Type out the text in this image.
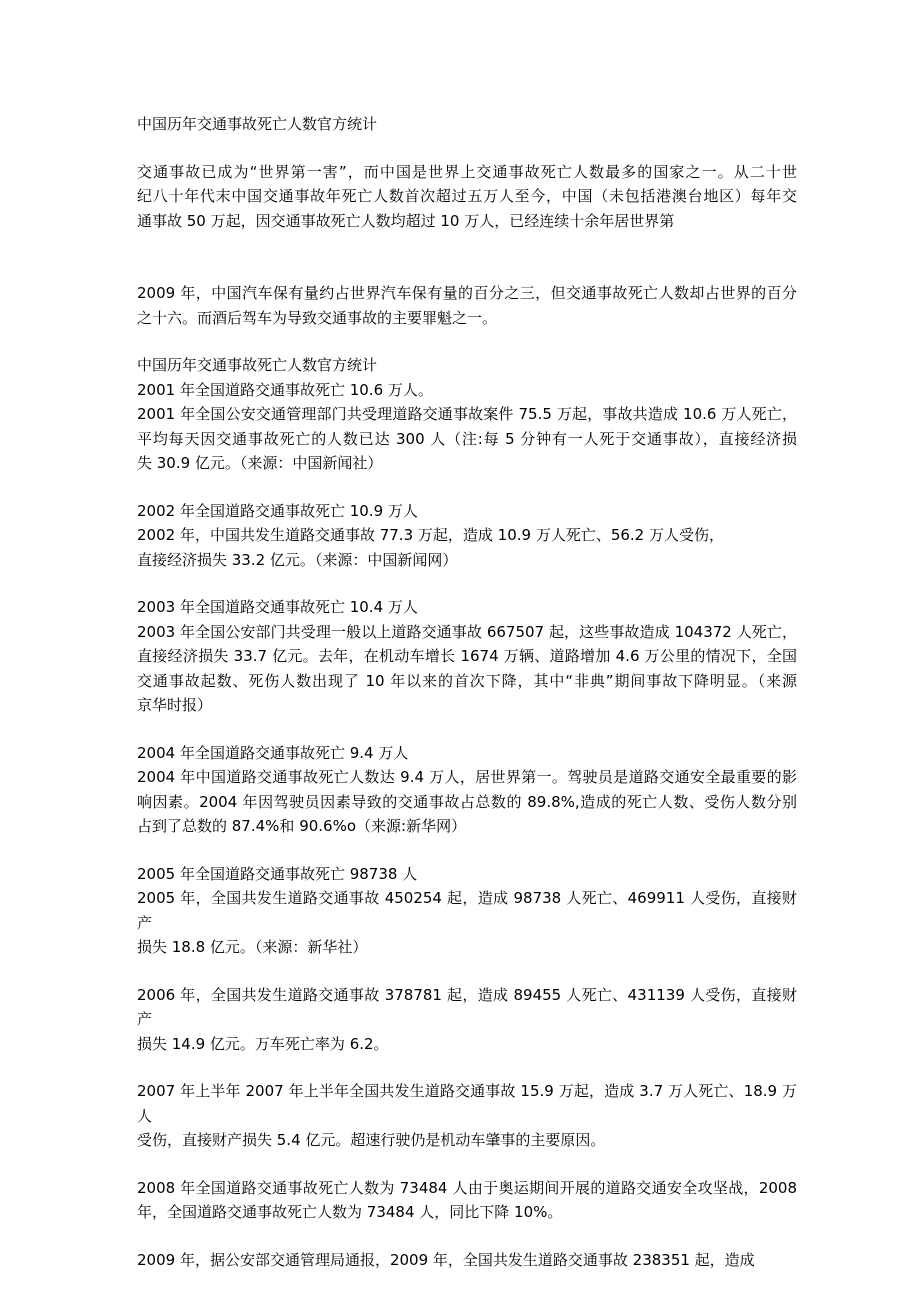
中国历年交通事故死亡人数官方统计

交通事故已成为“世界第一害”，而中国是世界上交通事故死亡人数最多的国家之一。从二十世
纪八十年代末中国交通事故年死亡人数首次超过五万人至今，中国（未包括港澳台地区）每年交
通事故 50 万起，因交通事故死亡人数均超过 10 万人，已经连续十余年居世界第

2009 年，中国汽车保有量约占世界汽车保有量的百分之三，但交通事故死亡人数却占世界的百分
之十六。而酒后驾车为导致交通事故的主要罪魁之一。

中国历年交通事故死亡人数官方统计
2001 年全国道路交通事故死亡 10.6 万人。
2001 年全国公安交通管理部门共受理道路交通事故案件 75.5 万起，事故共造成 10.6 万人死亡，
平均每天因交通事故死亡的人数已达 300 人（注:每 5 分钟有一人死于交通事故），直接经济损
失 30.9 亿元。（来源：中国新闻社）

2002 年全国道路交通事故死亡 10.9 万人
2002 年，中国共发生道路交通事故 77.3 万起，造成 10.9 万人死亡、56.2 万人受伤，
直接经济损失 33.2 亿元。（来源：中国新闻网）

2003 年全国道路交通事故死亡 10.4 万人
2003 年全国公安部门共受理一般以上道路交通事故 667507 起，这些事故造成 104372 人死亡，
直接经济损失 33.7 亿元。去年，在机动车增长 1674 万辆、道路增加 4.6 万公里的情况下，全国
交通事故起数、死伤人数出现了 10 年以来的首次下降，其中“非典”期间事故下降明显。（来源
京华时报）

2004 年全国道路交通事故死亡 9.4 万人
2004 年中国道路交通事故死亡人数达 9.4 万人，居世界第一。驾驶员是道路交通安全最重要的影
响因素。2004 年因驾驶员因素导致的交通事故占总数的 89.8%,造成的死亡人数、受伤人数分别
占到了总数的 87.4%和 90.6%o（来源:新华网）

2005 年全国道路交通事故死亡 98738 人
2005 年，全国共发生道路交通事故 450254 起，造成 98738 人死亡、469911 人受伤，直接财产
损失 18.8 亿元。（来源：新华社）

2006 年，全国共发生道路交通事故 378781 起，造成 89455 人死亡、431139 人受伤，直接财产
损失 14.9 亿元。万车死亡率为 6.2。

2007 年上半年 2007 年上半年全国共发生道路交通事故 15.9 万起，造成 3.7 万人死亡、18.9 万人
受伤，直接财产损失 5.4 亿元。超速行驶仍是机动车肇事的主要原因。

2008 年全国道路交通事故死亡人数为 73484 人由于奥运期间开展的道路交通安全攻坚战，2008
年，全国道路交通事故死亡人数为 73484 人，同比下降 10%。

2009 年，据公安部交通管理局通报，2009 年，全国共发生道路交通事故 238351 起，造成
